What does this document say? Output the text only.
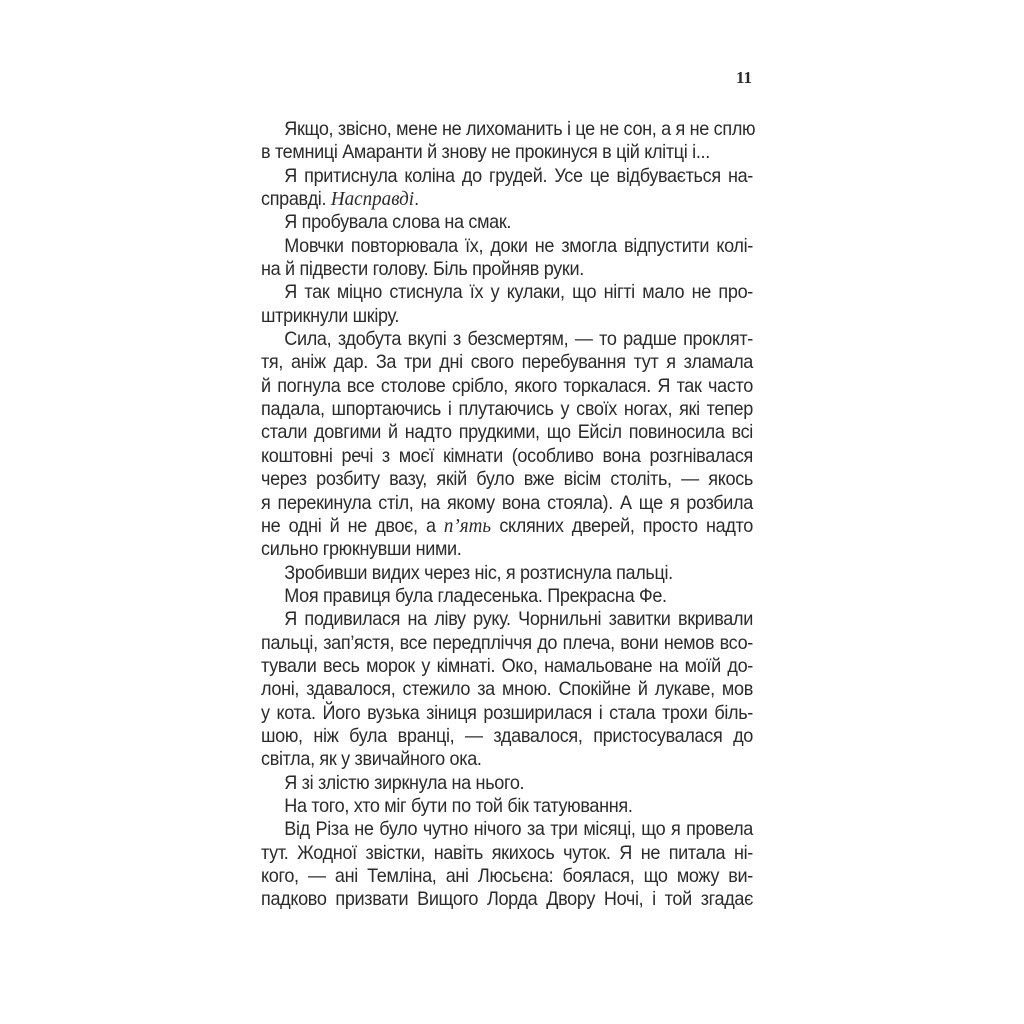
11
Якщо, звісно, мене не лихоманить і це не сон, а я не сплю
в темниці Амаранти й знову не прокинуся в цій клітці і...
Я притиснула коліна до грудей. Усе це відбувається на-
справді. Насправді.
Я пробувала слова на смак.
Мовчки повторювала їх, доки не змогла відпустити колі-
на й підвести голову. Біль пройняв руки.
Я так міцно стиснула їх у кулаки, що нігті мало не про-
штрикнули шкіру.
Сила, здобута вкупі з безсмертям, — то радше проклят-
тя, аніж дар. За три дні свого перебування тут я зламала
й погнула все столове срібло, якого торкалася. Я так часто
падала, шпортаючись і плутаючись у своїх ногах, які тепер
стали довгими й надто прудкими, що Ейсіл повиносила всі
коштовні речі з моєї кімнати (особливо вона розгнівалася
через розбиту вазу, якій було вже вісім століть, — якось
я перекинула стіл, на якому вона стояла). А ще я розбила
не одні й не двоє, а п’ять скляних дверей, просто надто
сильно грюкнувши ними.
Зробивши видих через ніс, я розтиснула пальці.
Моя правиця була гладесенька. Прекрасна Фе.
Я подивилася на ліву руку. Чорнильні завитки вкривали
пальці, зап’ястя, все передпліччя до плеча, вони немов всо-
тували весь морок у кімнаті. Око, намальоване на моїй до-
лоні, здавалося, стежило за мною. Спокійне й лукаве, мов
у кота. Його вузька зіниця розширилася і стала трохи біль-
шою, ніж була вранці, — здавалося, пристосувалася до
світла, як у звичайного ока.
Я зі злістю зиркнула на нього.
На того, хто міг бути по той бік татуювання.
Від Різа не було чутно нічого за три місяці, що я провела
тут. Жодної звістки, навіть якихось чуток. Я не питала ні-
кого, — ані Темліна, ані Люсьєна: боялася, що можу ви-
падково призвати Вищого Лорда Двору Ночі, і той згадає
